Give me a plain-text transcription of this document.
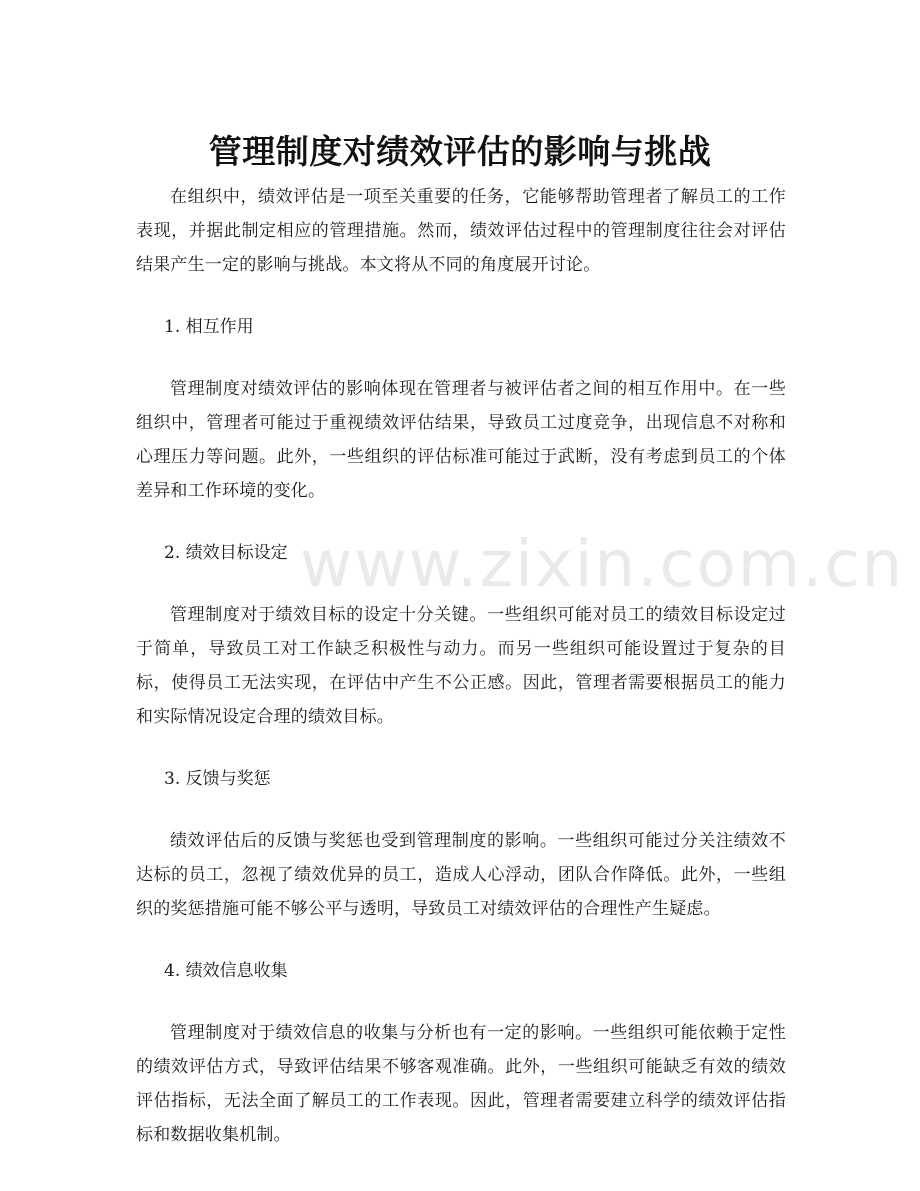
管理制度对绩效评估的影响与挑战

在组织中，绩效评估是一项至关重要的任务，它能够帮助管理者了解员工的工作表现，并据此制定相应的管理措施。然而，绩效评估过程中的管理制度往往会对评估结果产生一定的影响与挑战。本文将从不同的角度展开讨论。

1. 相互作用

管理制度对绩效评估的影响体现在管理者与被评估者之间的相互作用中。在一些组织中，管理者可能过于重视绩效评估结果，导致员工过度竞争，出现信息不对称和心理压力等问题。此外，一些组织的评估标准可能过于武断，没有考虑到员工的个体差异和工作环境的变化。

2. 绩效目标设定

管理制度对于绩效目标的设定十分关键。一些组织可能对员工的绩效目标设定过于简单，导致员工对工作缺乏积极性与动力。而另一些组织可能设置过于复杂的目标，使得员工无法实现，在评估中产生不公正感。因此，管理者需要根据员工的能力和实际情况设定合理的绩效目标。

3. 反馈与奖惩

绩效评估后的反馈与奖惩也受到管理制度的影响。一些组织可能过分关注绩效不达标的员工，忽视了绩效优异的员工，造成人心浮动，团队合作降低。此外，一些组织的奖惩措施可能不够公平与透明，导致员工对绩效评估的合理性产生疑虑。

4. 绩效信息收集

管理制度对于绩效信息的收集与分析也有一定的影响。一些组织可能依赖于定性的绩效评估方式，导致评估结果不够客观准确。此外，一些组织可能缺乏有效的绩效评估指标，无法全面了解员工的工作表现。因此，管理者需要建立科学的绩效评估指标和数据收集机制。

www.zixin.com.cn
